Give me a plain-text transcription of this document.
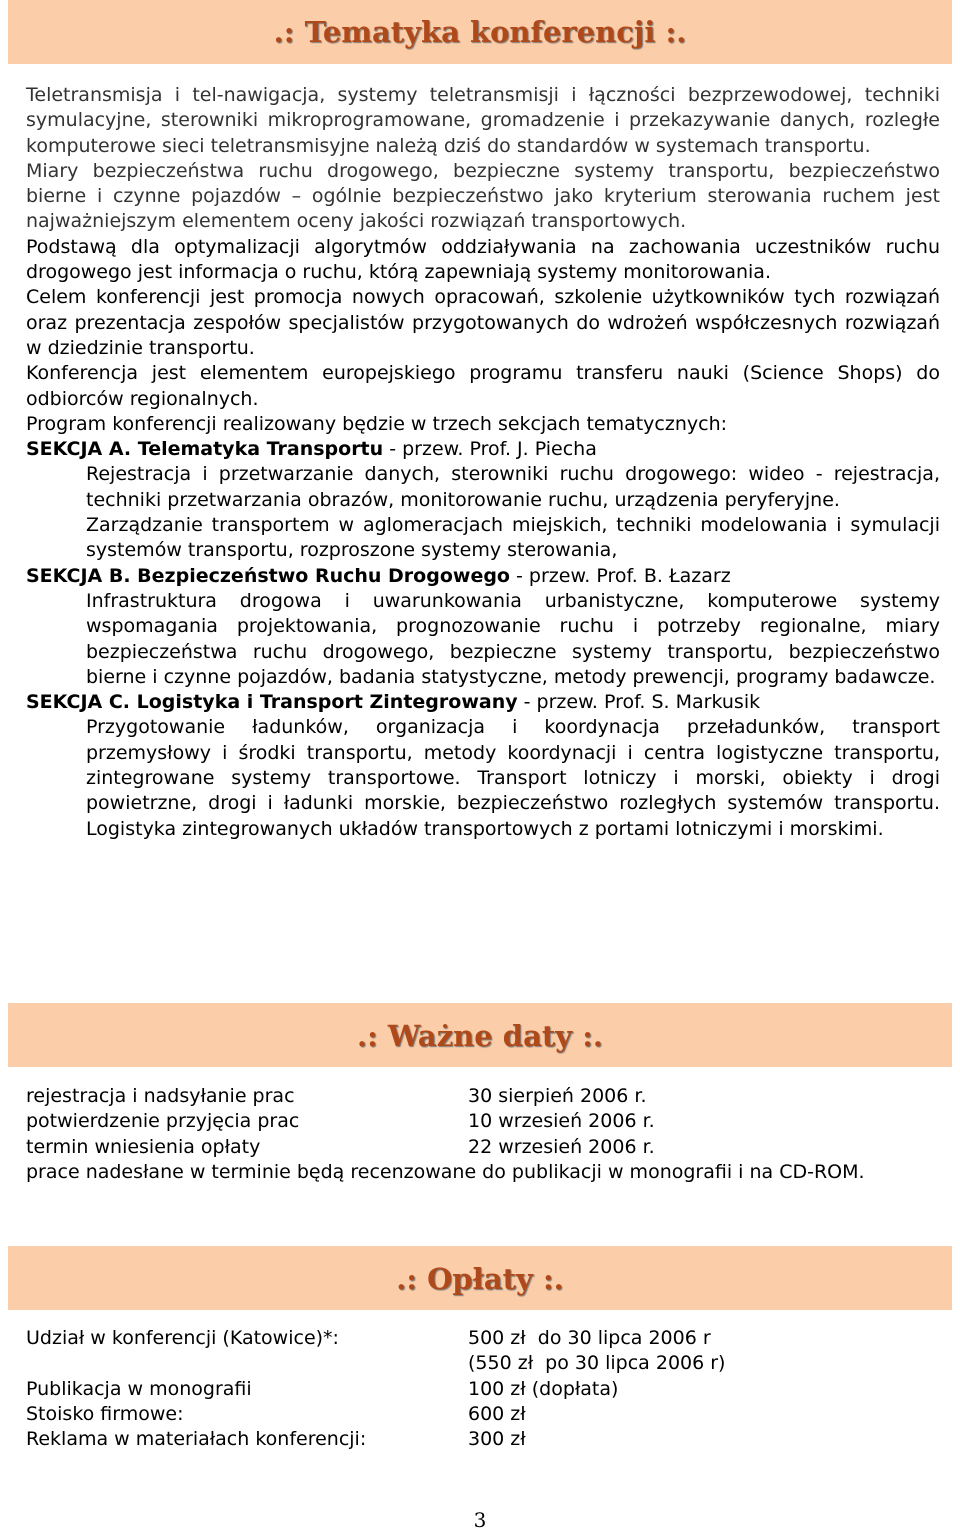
.: Tematyka konferencji :.

Teletransmisja i tel-nawigacja, systemy teletransmisji i łączności bezprzewodowej, techniki symulacyjne, sterowniki mikroprogramowane, gromadzenie i przekazywanie danych, rozległe komputerowe sieci teletransmisyjne należą dziś do standardów w systemach transportu.

Miary bezpieczeństwa ruchu drogowego, bezpieczne systemy transportu, bezpieczeństwo bierne i czynne pojazdów – ogólnie bezpieczeństwo jako kryterium sterowania ruchem jest najważniejszym elementem oceny jakości rozwiązań transportowych.

Podstawą dla optymalizacji algorytmów oddziaływania na zachowania uczestników ruchu drogowego jest informacja o ruchu, którą zapewniają systemy monitorowania.

Celem konferencji jest promocja nowych opracowań, szkolenie użytkowników tych rozwiązań oraz prezentacja zespołów specjalistów przygotowanych do wdrożeń współczesnych rozwiązań w dziedzinie transportu.

Konferencja jest elementem europejskiego programu transferu nauki (Science Shops) do odbiorców regionalnych.

Program konferencji realizowany będzie w trzech sekcjach tematycznych:

SEKCJA A. Telematyka Transportu - przew. Prof. J. Piecha

Rejestracja i przetwarzanie danych, sterowniki ruchu drogowego: wideo - rejestracja, techniki przetwarzania obrazów, monitorowanie ruchu, urządzenia peryferyjne.

Zarządzanie transportem w aglomeracjach miejskich, techniki modelowania i symulacji systemów transportu, rozproszone systemy sterowania,

SEKCJA B. Bezpieczeństwo Ruchu Drogowego - przew. Prof. B. Łazarz

Infrastruktura drogowa i uwarunkowania urbanistyczne, komputerowe systemy wspomagania projektowania, prognozowanie ruchu i potrzeby regionalne, miary bezpieczeństwa ruchu drogowego, bezpieczne systemy transportu, bezpieczeństwo bierne i czynne pojazdów, badania statystyczne, metody prewencji, programy badawcze.

SEKCJA C. Logistyka i Transport Zintegrowany - przew. Prof. S. Markusik

Przygotowanie ładunków, organizacja i koordynacja przeładunków, transport przemysłowy i środki transportu, metody koordynacji i centra logistyczne transportu, zintegrowane systemy transportowe. Transport lotniczy i morski, obiekty i drogi powietrzne, drogi i ładunki morskie, bezpieczeństwo rozległych systemów transportu. Logistyka zintegrowanych układów transportowych z portami lotniczymi i morskimi.

.: Ważne daty :.
rejestracja i nadsyłanie prac	30 sierpień 2006 r.
potwierdzenie przyjęcia prac	10 wrzesień 2006 r.
termin wniesienia opłaty	22 wrzesień 2006 r.

prace nadesłane w terminie będą recenzowane do publikacji w monografii i na CD-ROM.

.: Opłaty :.
Udział w konferencji (Katowice)*:	500 zł  do 30 lipca 2006 r
(550 zł  po 30 lipca 2006 r)
Publikacja w monografii	100 zł (dopłata)
Stoisko firmowe:	600 zł
Reklama w materiałach konferencji:	300 zł
3
